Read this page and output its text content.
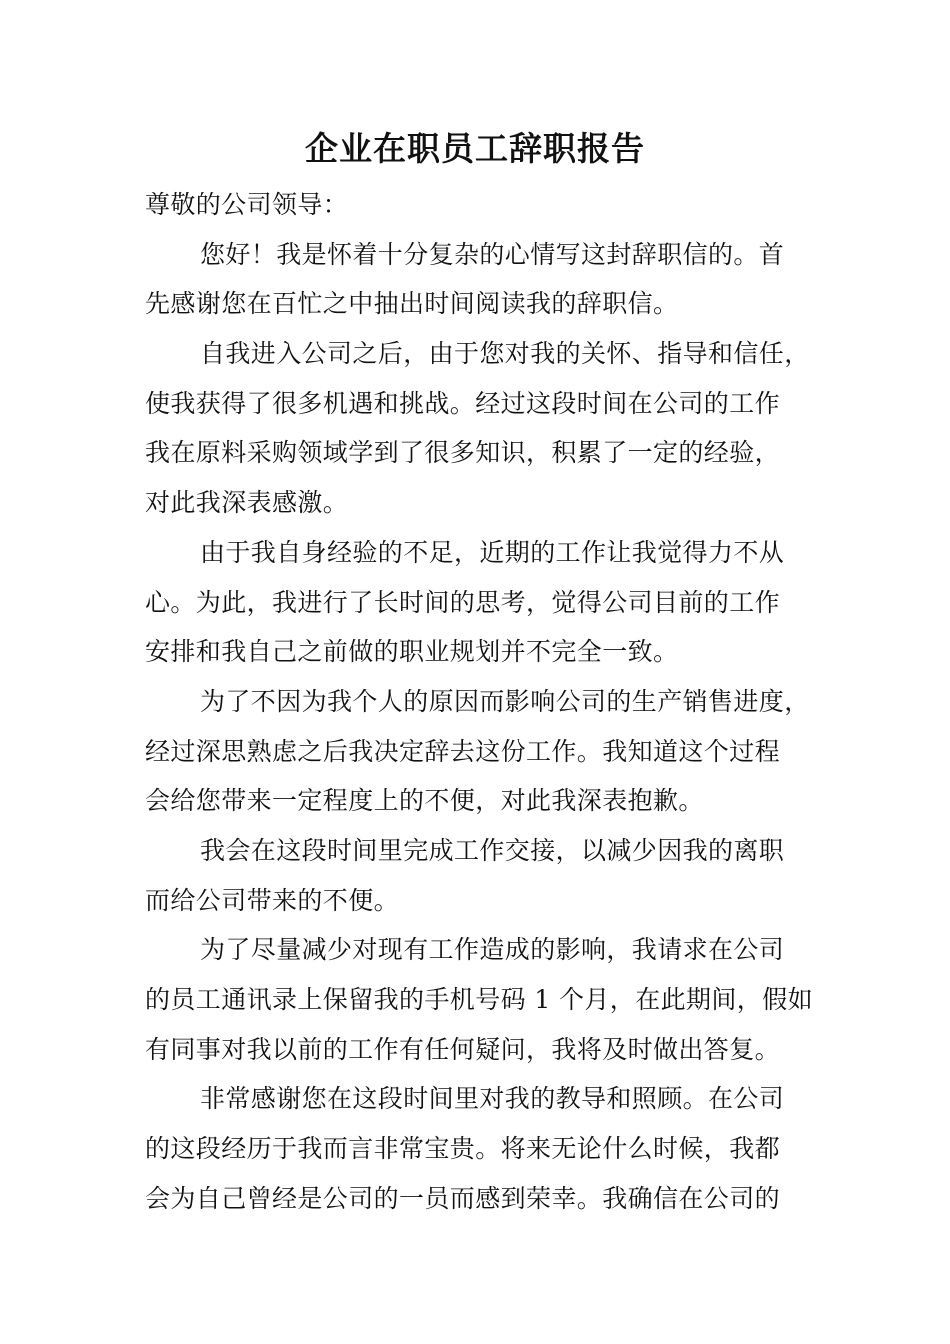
企业在职员工辞职报告
尊敬的公司领导：
您好！我是怀着十分复杂的心情写这封辞职信的。首
先感谢您在百忙之中抽出时间阅读我的辞职信。
自我进入公司之后，由于您对我的关怀、指导和信任，
使我获得了很多机遇和挑战。经过这段时间在公司的工作
我在原料采购领域学到了很多知识，积累了一定的经验，
对此我深表感激。
由于我自身经验的不足，近期的工作让我觉得力不从
心。为此，我进行了长时间的思考，觉得公司目前的工作
安排和我自己之前做的职业规划并不完全一致。
为了不因为我个人的原因而影响公司的生产销售进度，
经过深思熟虑之后我决定辞去这份工作。我知道这个过程
会给您带来一定程度上的不便，对此我深表抱歉。
我会在这段时间里完成工作交接，以减少因我的离职
而给公司带来的不便。
为了尽量减少对现有工作造成的影响，我请求在公司
的员工通讯录上保留我的手机号码 1 个月，在此期间，假如
有同事对我以前的工作有任何疑问，我将及时做出答复。
非常感谢您在这段时间里对我的教导和照顾。在公司
的这段经历于我而言非常宝贵。将来无论什么时候，我都
会为自己曾经是公司的一员而感到荣幸。我确信在公司的
